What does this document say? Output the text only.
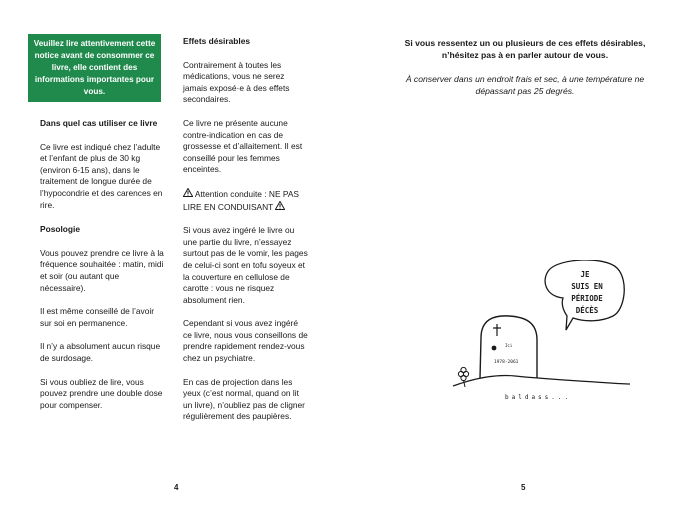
Veuillez lire attentivement cette notice avant de consommer ce livre, elle contient des informations importantes pour vous.

Dans quel cas utiliser ce livre

Ce livre est indiqué chez l’adulte et l’enfant de plus de 30 kg (environ 6-15 ans), dans le traitement de longue durée de l’hypocondrie et des carences en rire.

Posologie

Vous pouvez prendre ce livre à la fréquence souhaitée : matin, midi et soir (ou autant que nécessaire).

Il est même conseillé de l’avoir sur soi en permanence.

Il n’y a absolument aucun risque de surdosage.

Si vous oubliez de lire, vous pouvez prendre une double dose pour compenser.

Effets désirables

Contrairement à toutes les médications, vous ne serez jamais exposé·e à des effets secondaires.

Ce livre ne présente aucune contre-indication en cas de grossesse et d’allaitement. Il est conseillé pour les femmes enceintes.

Attention conduite : NE PAS LIRE EN CONDUISANT

Si vous avez ingéré le livre ou une partie du livre, n’essayez surtout pas de le vomir, les pages de celui-ci sont en tofu soyeux et la couverture en cellulose de carotte : vous ne risquez absolument rien.

Cependant si vous avez ingéré ce livre, nous vous conseillons de prendre rapidement rendez-vous chez un psychiatre.

En cas de projection dans les yeux (c’est normal, quand on lit un livre), n’oubliez pas de cligner régulièrement des paupières.

4
Si vous ressentez un ou plusieurs de ces effets désirables, n’hésitez pas à en parler autour de vous.
À conserver dans un endroit frais et sec, à une température ne dépassant pas 25 degrés.
JE
SUIS EN
PÉRIODE
DÉCÈS
Ici
1978-2061
baldass...
5
